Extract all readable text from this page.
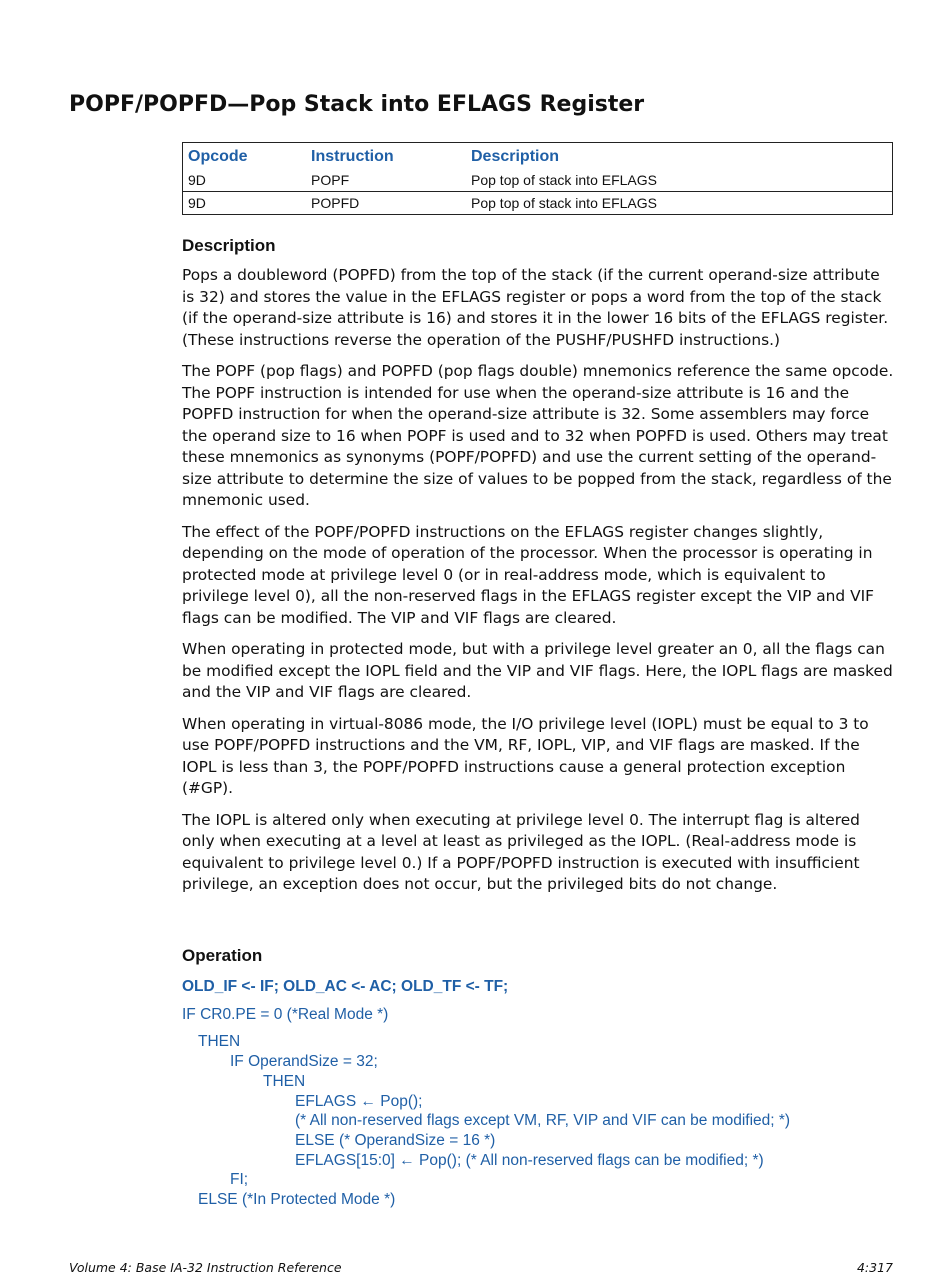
POPF/POPFD—Pop Stack into EFLAGS Register
Opcode	Instruction	Description
9D	POPF	Pop top of stack into EFLAGS
9D	POPFD	Pop top of stack into EFLAGS
Description

Pops a doubleword (POPFD) from the top of the stack (if the current operand-size attribute is 32) and stores the value in the EFLAGS register or pops a word from the top of the stack (if the operand-size attribute is 16) and stores it in the lower 16 bits of the EFLAGS register. (These instructions reverse the operation of the PUSHF/PUSHFD instructions.)

The POPF (pop flags) and POPFD (pop flags double) mnemonics reference the same opcode. The POPF instruction is intended for use when the operand-size attribute is 16 and the POPFD instruction for when the operand-size attribute is 32. Some assemblers may force the operand size to 16 when POPF is used and to 32 when POPFD is used. Others may treat these mnemonics as synonyms (POPF/POPFD) and use the current setting of the operand-size attribute to determine the size of values to be popped from the stack, regardless of the mnemonic used.

The effect of the POPF/POPFD instructions on the EFLAGS register changes slightly, depending on the mode of operation of the processor. When the processor is operating in protected mode at privilege level 0 (or in real-address mode, which is equivalent to privilege level 0), all the non-reserved flags in the EFLAGS register except the VIP and VIF flags can be modified. The VIP and VIF flags are cleared.

When operating in protected mode, but with a privilege level greater an 0, all the flags can be modified except the IOPL field and the VIP and VIF flags. Here, the IOPL flags are masked and the VIP and VIF flags are cleared.

When operating in virtual-8086 mode, the I/O privilege level (IOPL) must be equal to 3 to use POPF/POPFD instructions and the VM, RF, IOPL, VIP, and VIF flags are masked. If the IOPL is less than 3, the POPF/POPFD instructions cause a general protection exception (#GP).

The IOPL is altered only when executing at privilege level 0. The interrupt flag is altered only when executing at a level at least as privileged as the IOPL. (Real-address mode is equivalent to privilege level 0.) If a POPF/POPFD instruction is executed with insufficient privilege, an exception does not occur, but the privileged bits do not change.

Operation
OLD_IF <- IF; OLD_AC <- AC; OLD_TF <- TF;
IF CR0.PE = 0 (*Real Mode *)
THEN
IF OperandSize = 32;
THEN
EFLAGS ← Pop();
(* All non-reserved flags except VM, RF, VIP and VIF can be modified; *)
ELSE (* OperandSize = 16 *)
EFLAGS[15:0] ← Pop(); (* All non-reserved flags can be modified; *)
FI;
ELSE (*In Protected Mode *)
Volume 4: Base IA-32 Instruction Reference	4:317
